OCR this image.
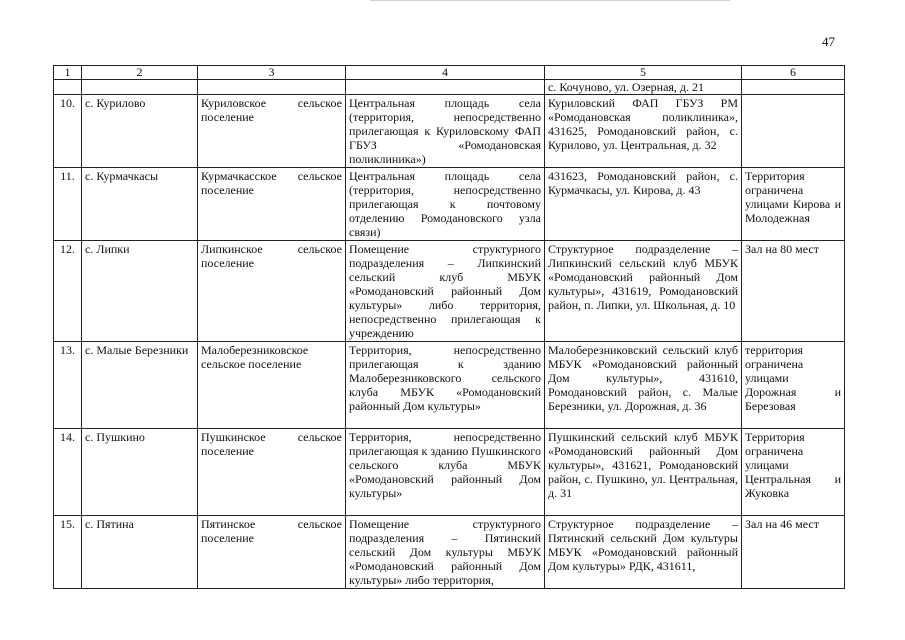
47
1	2	3	4	5	6
				с. Кочуново, ул. Озерная, д. 21	
10.	с. Курилово	Куриловское сельское поселение	Центральная площадь села (территория, непосредственно прилегающая к Куриловскому ФАП ГБУЗ «Ромодановская поликлиника»)	Куриловский ФАП ГБУЗ РМ «Ромодановская поликлиника», 431625, Ромодановский район, с. Курилово, ул. Центральная, д. 32	
11.	с. Курмачкасы	Курмачкасское сельское поселение	Центральная площадь села (территория, непосредственно прилегающая к почтовому отделению Ромодановского узла связи)	431623, Ромодановский район, с. Курмачкасы, ул. Кирова, д. 43	Территория ограничена улицами Кирова и Молодежная
12.	с. Липки	Липкинское сельское поселение	Помещение структурного подразделения – Липкинский сельский клуб МБУК «Ромодановский районный Дом культуры» либо территория, непосредственно прилегающая к учреждению	Структурное подразделение – Липкинский сельский клуб МБУК «Ромодановский районный Дом культуры», 431619, Ромодановский район, п. Липки, ул. Школьная, д. 10	Зал на 80 мест
13.	с. Малые Березники	Малоберезниковское сельское поселение	Территория, непосредственно прилегающая к зданию Малоберезниковского сельского клуба МБУК «Ромодановский районный Дом культуры»	Малоберезниковский сельский клуб МБУК «Ромодановский районный Дом культуры», 431610, Ромодановский район, с. Малые Березники, ул. Дорожная, д. 36	территория ограничена улицами Дорожная и Березовая
14.	с. Пушкино	Пушкинское сельское поселение	Территория, непосредственно прилегающая к зданию Пушкинского сельского клуба МБУК «Ромодановский районный Дом культуры»	Пушкинский сельский клуб МБУК «Ромодановский районный Дом культуры», 431621, Ромодановский район, с. Пушкино, ул. Центральная, д. 31	Территория ограничена улицами Центральная и Жуковка
15.	с. Пятина	Пятинское сельское поселение	Помещение структурного подразделения – Пятинский сельский Дом культуры МБУК «Ромодановский районный Дом культуры» либо территория,	Структурное подразделение – Пятинский сельский Дом культуры МБУК «Ромодановский районный Дом культуры» РДК, 431611,	Зал на 46 мест
